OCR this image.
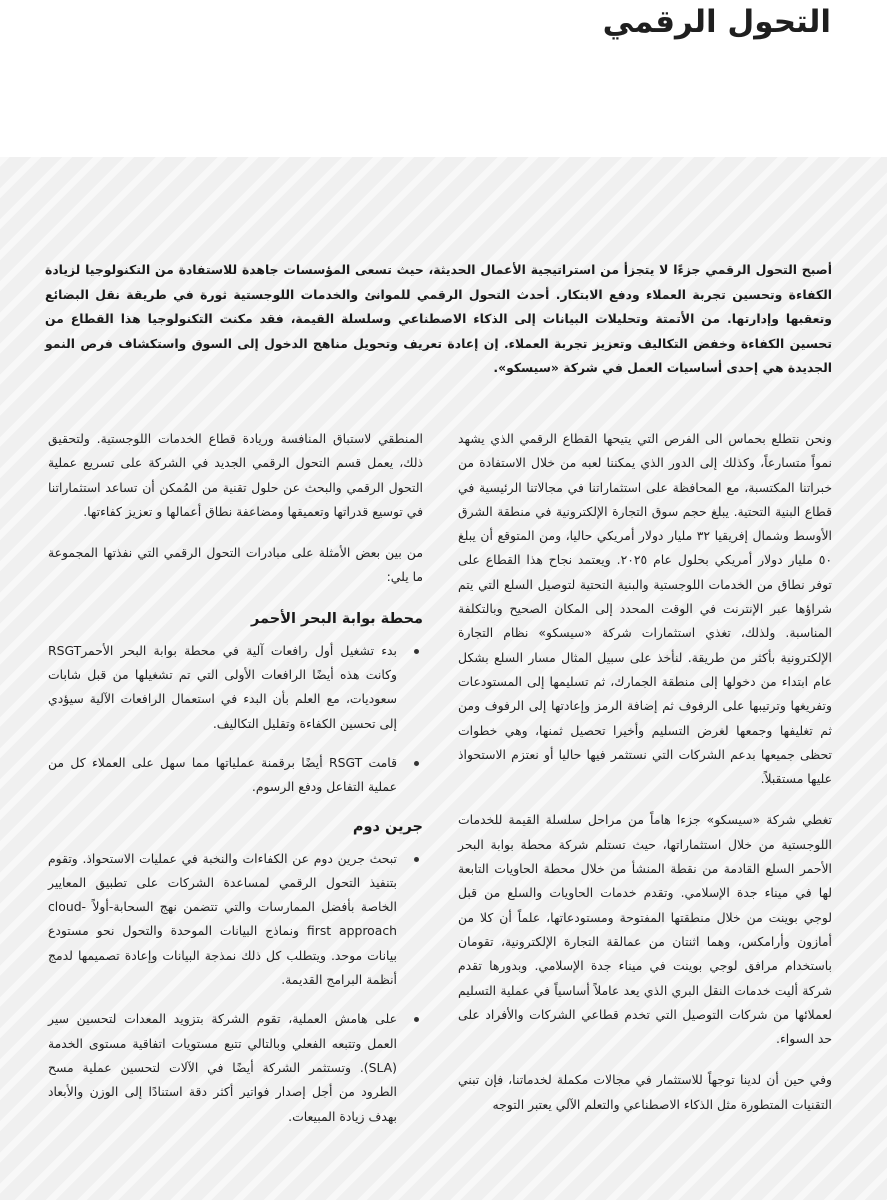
التحول الرقمي

أصبح التحول الرقمي جزءًا لا يتجزأ من استراتيجية الأعمال الحديثة، حيث تسعى المؤسسات جاهدة للاستفادة من التكنولوجيا لزيادة الكفاءة وتحسين تجربة العملاء ودفع الابتكار. أحدث التحول الرقمي للموانئ والخدمات اللوجستية ثورة في طريقة نقل البضائع وتعقبها وإدارتها. من الأتمتة وتحليلات البيانات إلى الذكاء الاصطناعي وسلسلة القيمة، فقد مكنت التكنولوجيا هذا القطاع من تحسين الكفاءة وخفض التكاليف وتعزيز تجربة العملاء. إن إعادة تعريف وتحويل مناهج الدخول إلى السوق واستكشاف فرص النمو الجديدة هي إحدى أساسيات العمل في شركة «سيسكو».

ونحن نتطلع بحماس الى الفرص التي يتيحها القطاع الرقمي الذي يشهد نمواً متسارعاً، وكذلك إلى الدور الذي يمكننا لعبه من خلال الاستفادة من خبراتنا المكتسبة، مع المحافظة على استثماراتنا في مجالاتنا الرئيسية في قطاع البنية التحتية. يبلغ حجم سوق التجارة الإلكترونية في منطقة الشرق الأوسط وشمال إفريقيا ٣٢ مليار دولار أمريكي حاليا، ومن المتوقع أن يبلغ ٥٠ مليار دولار أمريكي بحلول عام ٢٠٢٥. ويعتمد نجاح هذا القطاع على توفر نطاق من الخدمات اللوجستية والبنية التحتية لتوصيل السلع التي يتم شراؤها عبر الإنترنت في الوقت المحدد إلى المكان الصحيح وبالتكلفة المناسبة. ولذلك، تغذي استثمارات شركة «سيسكو» نظام التجارة الإلكترونية بأكثر من طريقة. لنأخذ على سبيل المثال مسار السلع بشكل عام ابتداء من دخولها إلى منطقة الجمارك، ثم تسليمها إلى المستودعات وتفريغها وترتيبها على الرفوف ثم إضافة الرمز وإعادتها إلى الرفوف ومن ثم تغليفها وجمعها لغرض التسليم وأخيرا تحصيل ثمنها، وهي خطوات تحظى جميعها بدعم الشركات التي نستثمر فيها حاليا أو نعتزم الاستحواذ عليها مستقبلاً.

تغطي شركة «سيسكو» جزءا هاماً من مراحل سلسلة القيمة للخدمات اللوجستية من خلال استثماراتها، حيث تستلم شركة محطة بوابة البحر الأحمر السلع القادمة من نقطة المنشأ من خلال محطة الحاويات التابعة لها في ميناء جدة الإسلامي. وتقدم خدمات الحاويات والسلع من قبل لوجي بوينت من خلال منطقتها المفتوحة ومستودعاتها، علماً أن كلا من أمازون وأرامكس، وهما اثنتان من عمالقة التجارة الإلكترونية، تقومان باستخدام مرافق لوجي بوينت في ميناء جدة الإسلامي. وبدورها تقدم شركة أليت خدمات النقل البري الذي يعد عاملاً أساسياً في عملية التسليم لعملائها من شركات التوصيل التي تخدم قطاعي الشركات والأفراد على حد السواء.

وفي حين أن لدينا توجهاً للاستثمار في مجالات مكملة لخدماتنا، فإن تبني التقنيات المتطورة مثل الذكاء الاصطناعي والتعلم الآلي يعتبر التوجه

المنطقي لاستباق المنافسة وريادة قطاع الخدمات اللوجستية. ولتحقيق ذلك، يعمل قسم التحول الرقمي الجديد في الشركة على تسريع عملية التحول الرقمي والبحث عن حلول تقنية من المُمكن أن تساعد استثماراتنا في توسيع قدراتها وتعميقها ومضاعفة نطاق أعمالها و تعزيز كفاءتها.

من بين بعض الأمثلة على مبادرات التحول الرقمي التي نفذتها المجموعة ما يلي:

محطة بوابة البحر الأحمر
بدء تشغيل أول رافعات آلية في محطة بوابة البحر الأحمرRSGT وكانت هذه أيضًا الرافعات الأولى التي تم تشغيلها من قبل شابات سعوديات، مع العلم بأن البدء في استعمال الرافعات الآلية سيؤدي إلى تحسين الكفاءة وتقليل التكاليف.
قامت RSGT أيضًا برقمنة عملياتها مما سهل على العملاء كل من عملية التفاعل ودفع الرسوم.
جرين دوم
تبحث جرين دوم عن الكفاءات والنخبة في عمليات الاستحواذ. وتقوم بتنفيذ التحول الرقمي لمساعدة الشركات على تطبيق المعايير الخاصة بأفضل الممارسات والتي تتضمن نهج السحابة-أولاً cloud-first approach ونماذج البيانات الموحدة والتحول نحو مستودع بيانات موحد. ويتطلب كل ذلك نمذجة البيانات وإعادة تصميمها لدمج أنظمة البرامج القديمة.
على هامش العملية، تقوم الشركة بتزويد المعدات لتحسين سير العمل وتتبعه الفعلي وبالتالي تتبع مستويات اتفاقية مستوى الخدمة (SLA). وتستثمر الشركة أيضًا في الآلات لتحسين عملية مسح الطرود من أجل إصدار فواتير أكثر دقة استنادًا إلى الوزن والأبعاد بهدف زيادة المبيعات.
